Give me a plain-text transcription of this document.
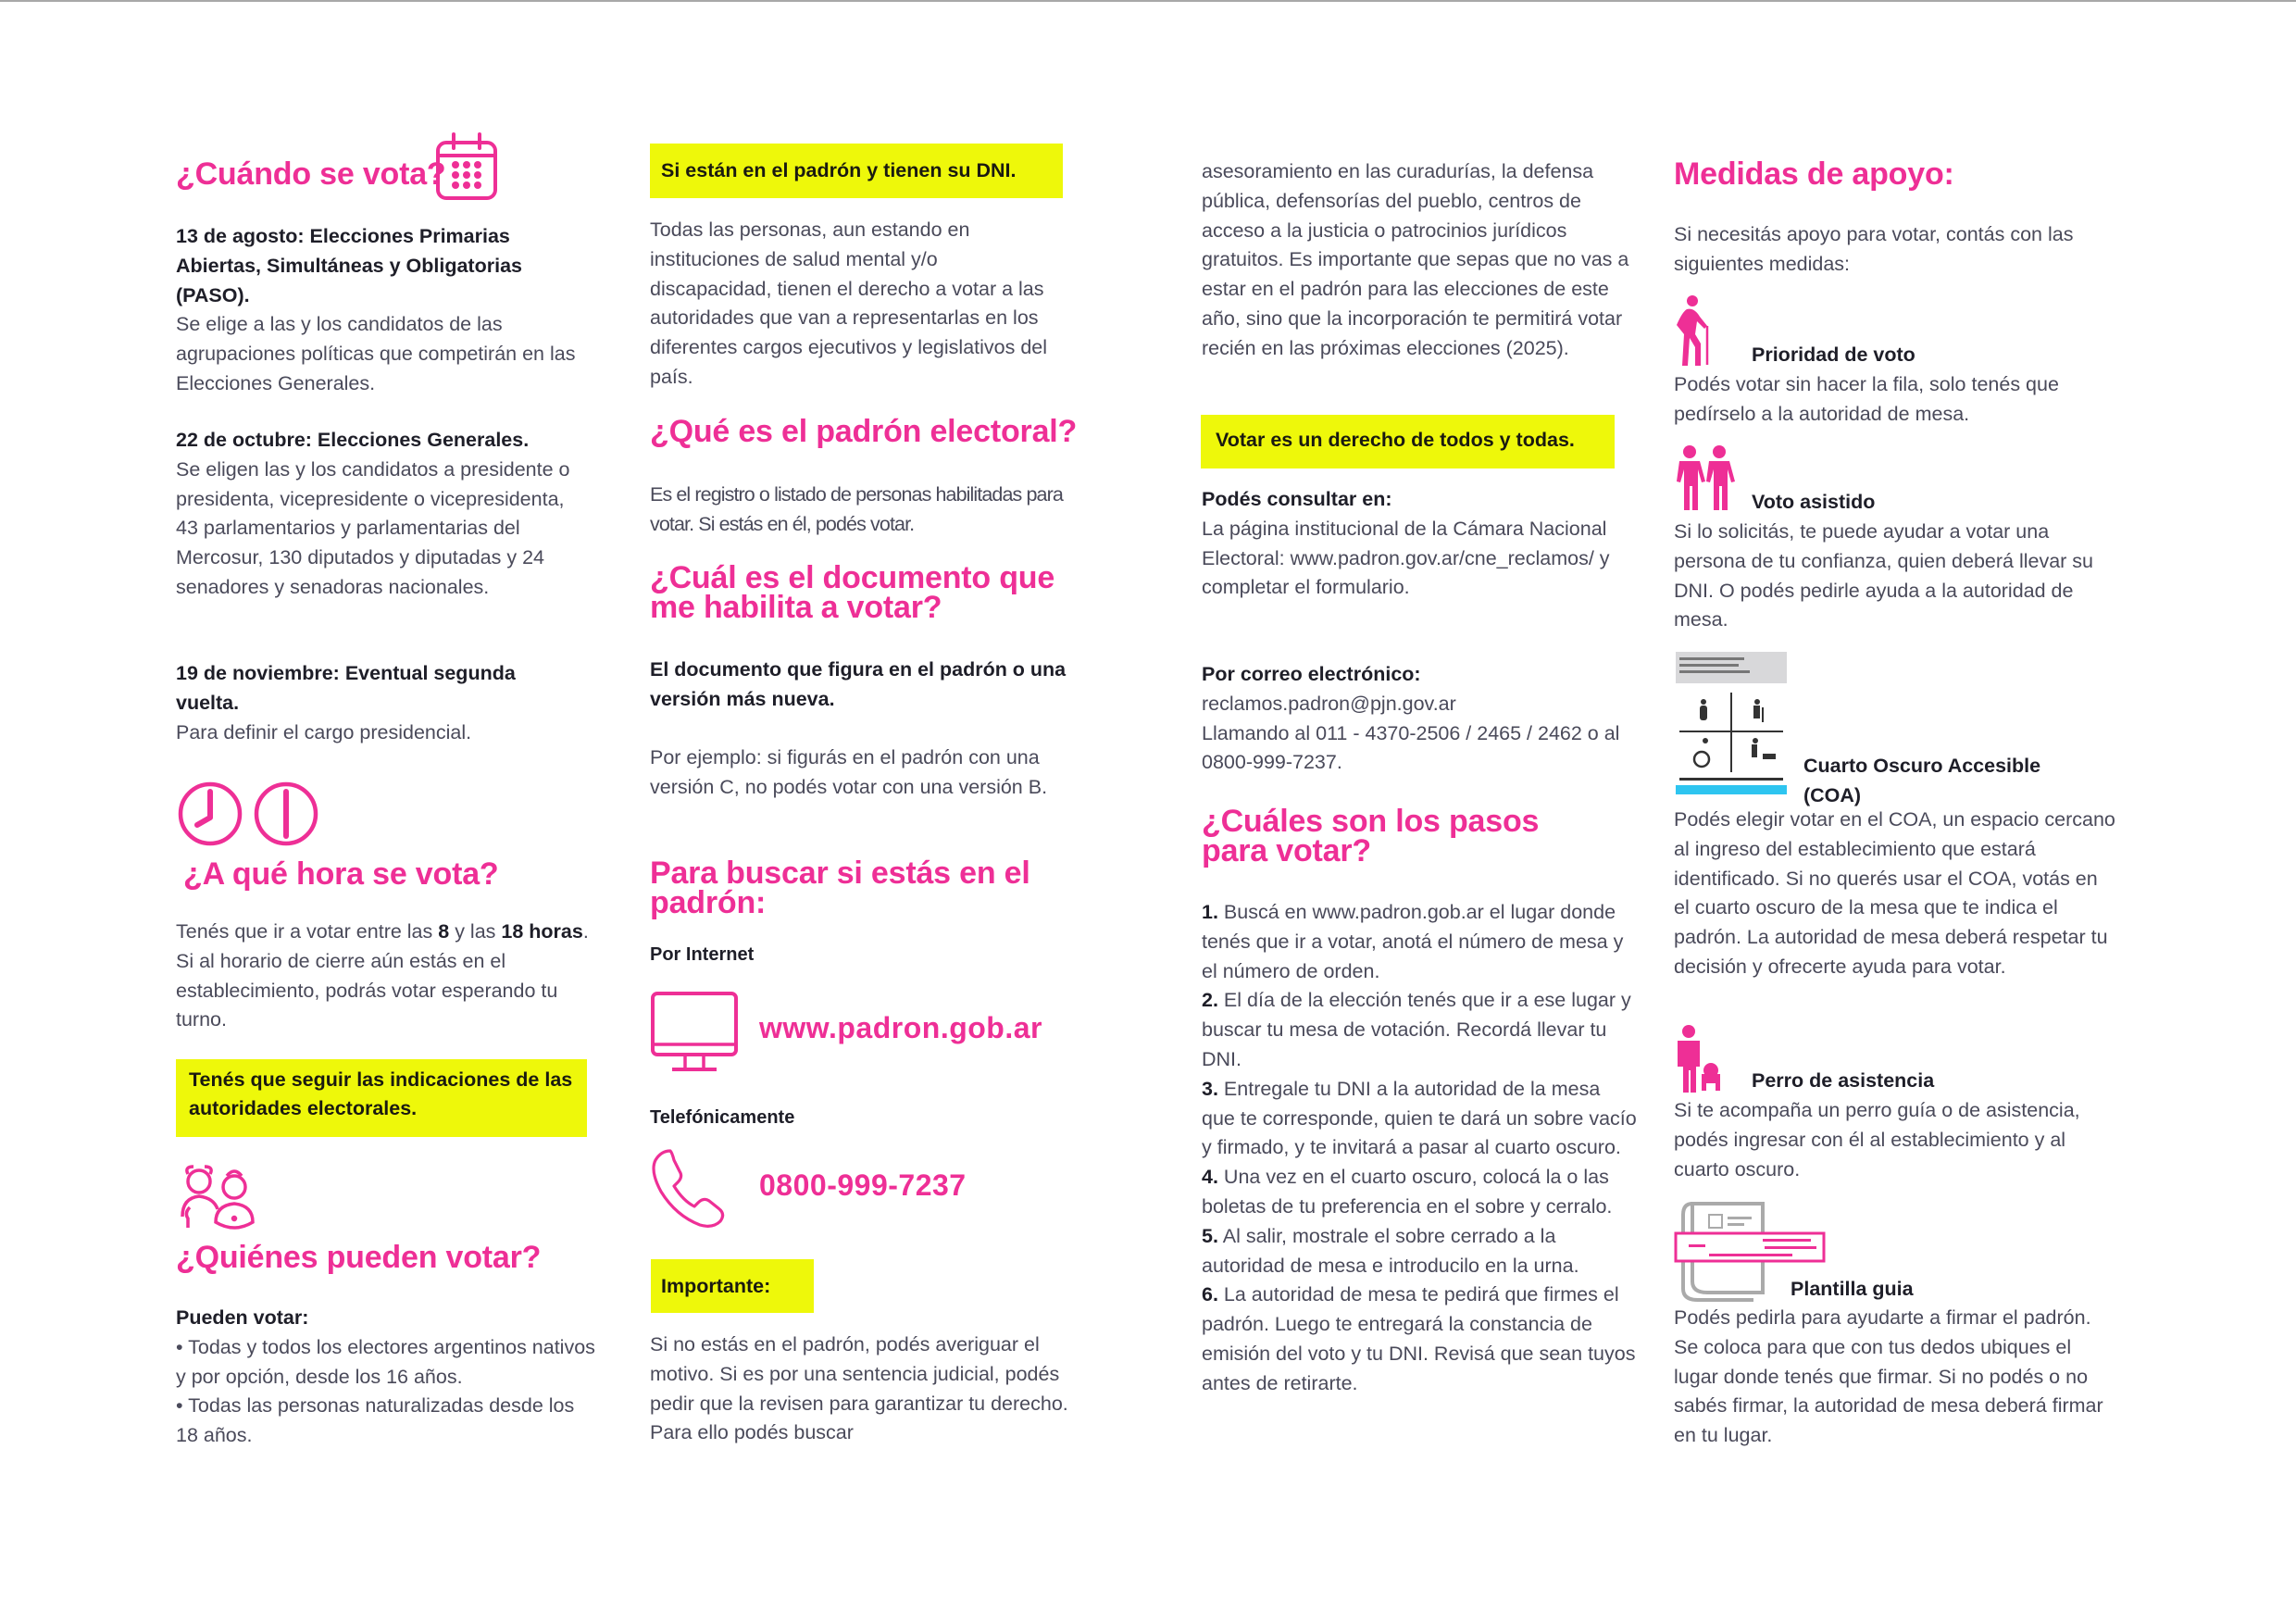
¿Cuándo se vota?

13 de agosto: Elecciones Primarias Abiertas, Simultáneas y Obligatorias (PASO).

Se elige a las y los candidatos de las agrupaciones políticas que competirán en las Elecciones Generales.

22 de octubre: Elecciones Generales.

Se eligen las y los candidatos a presidente o presidenta, vicepresidente o vicepresidenta, 43 parlamentarios y parlamentarias del Mercosur, 130 diputados y diputadas y 24 senadores y senadoras nacionales.

19 de noviembre: Eventual segunda vuelta.

Para definir el cargo presidencial.

¿A qué hora se vota?

Tenés que ir a votar entre las 8 y las 18 horas. Si al horario de cierre aún estás en el establecimiento, podrás votar esperando tu turno.

Tenés que seguir las indicaciones de las autoridades electorales.
¿Quiénes pueden votar?

Pueden votar:

• Todas y todos los electores argentinos nativos y por opción, desde los 16 años.

• Todas las personas naturalizadas desde los 18 años.

Si están en el padrón y tienen su DNI.

Todas las personas, aun estando en instituciones de salud mental y/o discapacidad, tienen el derecho a votar a las autoridades que van a representarlas en los diferentes cargos ejecutivos y legislativos del país.

¿Qué es el padrón electoral?

Es el registro o listado de personas habilitadas para votar. Si estás en él, podés votar.

¿Cuál es el documento que me habilita a votar?

El documento que figura en el padrón o una versión más nueva.

Por ejemplo: si figurás en el padrón con una versión C, no podés votar con una versión B.

Para buscar si estás en el padrón:

Por Internet

www.padron.gob.ar

Telefónicamente

0800-999-7237
Importante:

Si no estás en el padrón, podés averiguar el motivo. Si es por una sentencia judicial, podés pedir que la revisen para garantizar tu derecho. Para ello podés buscar

asesoramiento en las curadurías, la defensa pública, defensorías del pueblo, centros de acceso a la justicia o patrocinios jurídicos gratuitos. Es importante que sepas que no vas a estar en el padrón para las elecciones de este año, sino que la incorporación te permitirá votar recién en las próximas elecciones (2025).

Votar es un derecho de todos y todas.

Podés consultar en:

La página institucional de la Cámara Nacional Electoral: www.padron.gov.ar/cne_reclamos/ y completar el formulario.

Por correo electrónico:

reclamos.padron@pjn.gov.ar

Llamando al 011 - 4370-2506 / 2465 / 2462 o al 0800-999-7237.

¿Cuáles son los pasos para votar?

1. Buscá en www.padron.gob.ar el lugar donde tenés que ir a votar, anotá el número de mesa y el número de orden.

2. El día de la elección tenés que ir a ese lugar y buscar tu mesa de votación. Recordá llevar tu DNI.

3. Entregale tu DNI a la autoridad de la mesa que te corresponde, quien te dará un sobre vacío y firmado, y te invitará a pasar al cuarto oscuro.

4. Una vez en el cuarto oscuro, colocá la o las boletas de tu preferencia en el sobre y cerralo.

5. Al salir, mostrale el sobre cerrado a la autoridad de mesa e introducilo en la urna.

6. La autoridad de mesa te pedirá que firmes el padrón. Luego te entregará la constancia de emisión del voto y tu DNI. Revisá que sean tuyos antes de retirarte.

Medidas de apoyo:

Si necesitás apoyo para votar, contás con las siguientes medidas:

Prioridad de voto

Podés votar sin hacer la fila, solo tenés que pedírselo a la autoridad de mesa.

Voto asistido

Si lo solicitás, te puede ayudar a votar una persona de tu confianza, quien deberá llevar su DNI. O podés pedirle ayuda a la autoridad de mesa.

Cuarto Oscuro Accesible (COA)

Podés elegir votar en el COA, un espacio cercano al ingreso del establecimiento que estará identificado. Si no querés usar el COA, votás en el cuarto oscuro de la mesa que te indica el padrón. La autoridad de mesa deberá respetar tu decisión y ofrecerte ayuda para votar.

Perro de asistencia

Si te acompaña un perro guía o de asistencia, podés ingresar con él al establecimiento y al cuarto oscuro.

Plantilla guia

Podés pedirla para ayudarte a firmar el padrón. Se coloca para que con tus dedos ubiques el lugar donde tenés que firmar. Si no podés o no sabés firmar, la autoridad de mesa deberá firmar en tu lugar.
